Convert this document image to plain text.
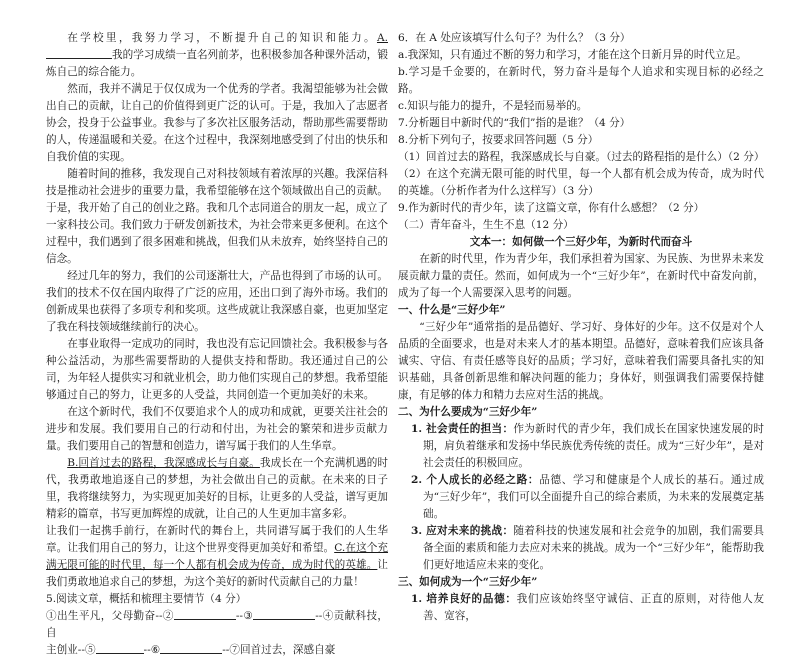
在学校里，我努力学习，不断提升自己的知识和能力。A.我的学习成绩一直名列前茅，也积极参加各种课外活动，锻炼自己的综合能力。

然而，我并不满足于仅仅成为一个优秀的学者。我渴望能够为社会做出自己的贡献，让自己的价值得到更广泛的认可。于是，我加入了志愿者协会，投身于公益事业。我参与了多次社区服务活动，帮助那些需要帮助的人，传递温暖和关爱。在这个过程中，我深刻地感受到了付出的快乐和自我价值的实现。

随着时间的推移，我发现自己对科技领域有着浓厚的兴趣。我深信科技是推动社会进步的重要力量，我希望能够在这个领域做出自己的贡献。于是，我开始了自己的创业之路。我和几个志同道合的朋友一起，成立了一家科技公司。我们致力于研发创新技术，为社会带来更多便利。在这个过程中，我们遇到了很多困难和挑战，但我们从未放弃，始终坚持自己的信念。

经过几年的努力，我们的公司逐渐壮大，产品也得到了市场的认可。我们的技术不仅在国内取得了广泛的应用，还出口到了海外市场。我们的创新成果也获得了多项专利和奖项。这些成就让我深感自豪，也更加坚定了我在科技领域继续前行的决心。

在事业取得一定成功的同时，我也没有忘记回馈社会。我积极参与各种公益活动，为那些需要帮助的人提供支持和帮助。我还通过自己的公司，为年轻人提供实习和就业机会，助力他们实现自己的梦想。我希望能够通过自己的努力，让更多的人受益，共同创造一个更加美好的未来。

在这个新时代，我们不仅要追求个人的成功和成就，更要关注社会的进步和发展。我们要用自己的行动和付出，为社会的繁荣和进步贡献力量。我们要用自己的智慧和创造力，谱写属于我们的人生华章。

B.回首过去的路程，我深感成长与自豪。我成长在一个充满机遇的时代，我勇敢地追逐自己的梦想，为社会做出自己的贡献。在未来的日子里，我将继续努力，为实现更加美好的目标，让更多的人受益，谱写更加精彩的篇章，书写更加辉煌的成就，让自己的人生更加丰富多彩。

让我们一起携手前行，在新时代的舞台上，共同谱写属于我们的人生华章。让我们用自己的努力，让这个世界变得更加美好和希望。C.在这个充满无限可能的时代里，每一个人都有机会成为传奇，成为时代的英雄。让我们勇敢地追求自己的梦想，为这个美好的新时代贡献自己的力量！

5.阅读文章，概括和梳理主要情节（4 分）

①出生平凡，父母勤奋--②	--③	--④贡献科技，自

主创业--⑤	--⑥	--⑦回首过去，深感自豪

6．在 A 处应该填写什么句子？为什么？（3 分）

a.我深知，只有通过不断的努力和学习，才能在这个日新月异的时代立足。

b.学习是千金要的，在新时代，努力奋斗是每个人追求和实现目标的必经之路。

c.知识与能力的提升，不是轻而易举的。

7.分析题目中新时代的“我们”指的是谁？（4 分）

8.分析下列句子，按要求回答问题（5 分）

（1）回首过去的路程，我深感成长与自豪。（过去的路程指的是什么）（2 分）

（2）在这个充满无限可能的时代里，每一个人都有机会成为传奇，成为时代的英雄。（分析作者为什么这样写）（3 分）

9.作为新时代的青少年，读了这篇文章，你有什么感想？（2 分）

（二）青年奋斗，生生不息（12 分）

文本一：如何做一个三好少年，为新时代而奋斗

在新的时代里，作为青少年，我们承担着为国家、为民族、为世界未来发展贡献力量的责任。然而，如何成为一个“三好少年”，在新时代中奋发向前，成为了每一个人需要深入思考的问题。

一、什么是“三好少年”

“三好少年”通常指的是品德好、学习好、身体好的少年。这不仅是对个人品质的全面要求，也是对未来人才的基本期望。品德好，意味着我们应该具备诚实、守信、有责任感等良好的品质；学习好，意味着我们需要具备扎实的知识基础，具备创新思维和解决问题的能力；身体好，则强调我们需要保持健康，有足够的体力和精力去应对生活的挑战。

二、为什么要成为“三好少年”

1. 社会责任的担当：作为新时代的青少年，我们成长在国家快速发展的时期，肩负着继承和发扬中华民族优秀传统的责任。成为“三好少年”，是对社会责任的积极回应。

2. 个人成长的必经之路：品德、学习和健康是个人成长的基石。通过成为“三好少年”，我们可以全面提升自己的综合素质，为未来的发展奠定基础。

3. 应对未来的挑战：随着科技的快速发展和社会竞争的加剧，我们需要具备全面的素质和能力去应对未来的挑战。成为一个“三好少年”，能帮助我们更好地适应未来的变化。

三、如何成为一个“三好少年”

1. 培养良好的品德：我们应该始终坚守诚信、正直的原则，对待他人友善、宽容，
